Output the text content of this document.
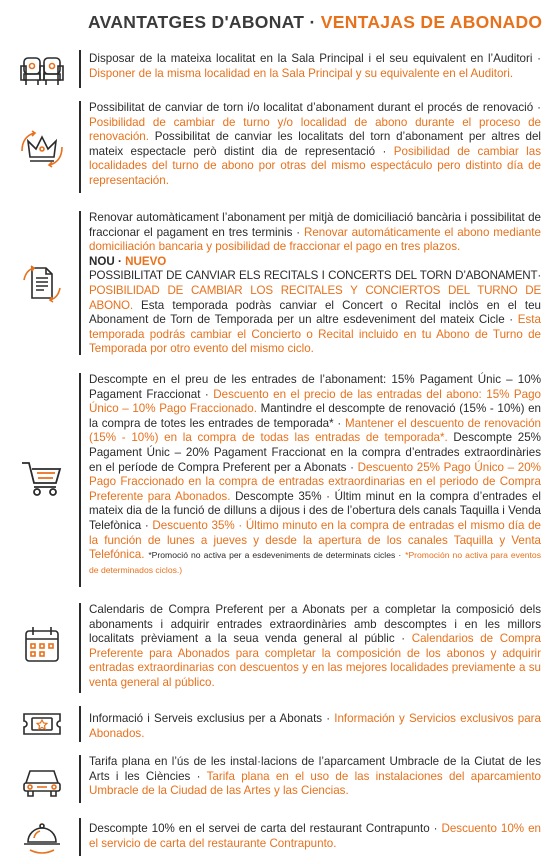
AVANTATGES D'ABONAT · VENTAJAS DE ABONADO
Disposar de la mateixa localitat en la Sala Principal i el seu equivalent en l’Auditori · Disponer de la misma localidad en la Sala Principal y su equivalente en el Auditori.
Possibilitat de canviar de torn i/o localitat d’abonament durant el procés de renovació · Posibilidad de cambiar de turno y/o localidad de abono durante el proceso de renovación. Possibilitat de canviar les localitats del torn d’abonament per altres del mateix espectacle però distint dia de representació · Posibilidad de cambiar las localidades del turno de abono por otras del mismo espectáculo pero distinto día de representación.
Renovar automàticament l’abonament per mitjà de domiciliació bancària i possibilitat de fraccionar el pagament en tres terminis · Renovar automáticamente el abono mediante domiciliación bancaria y posibilidad de fraccionar el pago en tres plazos.
NOU · NUEVO
POSSIBILITAT DE CANVIAR ELS RECITALS I CONCERTS DEL TORN D’ABONAMENT· POSIBILIDAD DE CAMBIAR LOS RECITALES Y CONCIERTOS DEL TURNO DE ABONO. Esta temporada podràs canviar el Concert o Recital inclòs en el teu Abonament de Torn de Temporada per un altre esdeveniment del mateix Cicle · Esta temporada podrás cambiar el Concierto o Recital incluido en tu Abono de Turno de Temporada por otro evento del mismo ciclo.
Descompte en el preu de les entrades de l’abonament: 15% Pagament Únic – 10% Pagament Fraccionat · Descuento en el precio de las entradas del abono: 15% Pago Único – 10% Pago Fraccionado. Mantindre el descompte de renovació (15% - 10%) en la compra de totes les entrades de temporada* · Mantener el descuento de renovación (15% - 10%) en la compra de todas las entradas de temporada*. Descompte 25% Pagament Únic – 20% Pagament Fraccionat en la compra d’entrades extraordinàries en el període de Compra Preferent per a Abonats · Descuento 25% Pago Único – 20% Pago Fraccionado en la compra de entradas extraordinarias en el periodo de Compra Preferente para Abonados. Descompte 35% · Últim minut en la compra d’entrades el mateix dia de la funció de dilluns a dijous i des de l’obertura dels canals Taquilla i Venda Telefònica · Descuento 35% · Último minuto en la compra de entradas el mismo día de la función de lunes a jueves y desde la apertura de los canales Taquilla y Venta Telefónica. *Promoció no activa per a esdeveniments de determinats cicles · *Promoción no activa para eventos de determinados ciclos.)
Calendaris de Compra Preferent per a Abonats per a completar la composició dels abonaments i adquirir entrades extraordinàries amb descomptes i en les millors localitats prèviament a la seua venda general al públic · Calendarios de Compra Preferente para Abonados para completar la composición de los abonos y adquirir entradas extraordinarias con descuentos y en las mejores localidades previamente a su venta general al público.
Informació i Serveis exclusius per a Abonats · Información y Servicios exclusivos para Abonados.
Tarifa plana en l’ús de les instal·lacions de l’aparcament Umbracle de la Ciutat de les Arts i les Ciències · Tarifa plana en el uso de las instalaciones del aparcamiento Umbracle de la Ciudad de las Artes y las Ciencias.
Descompte 10% en el servei de carta del restaurant Contrapunto · Descuento 10% en el servicio de carta del restaurante Contrapunto.
